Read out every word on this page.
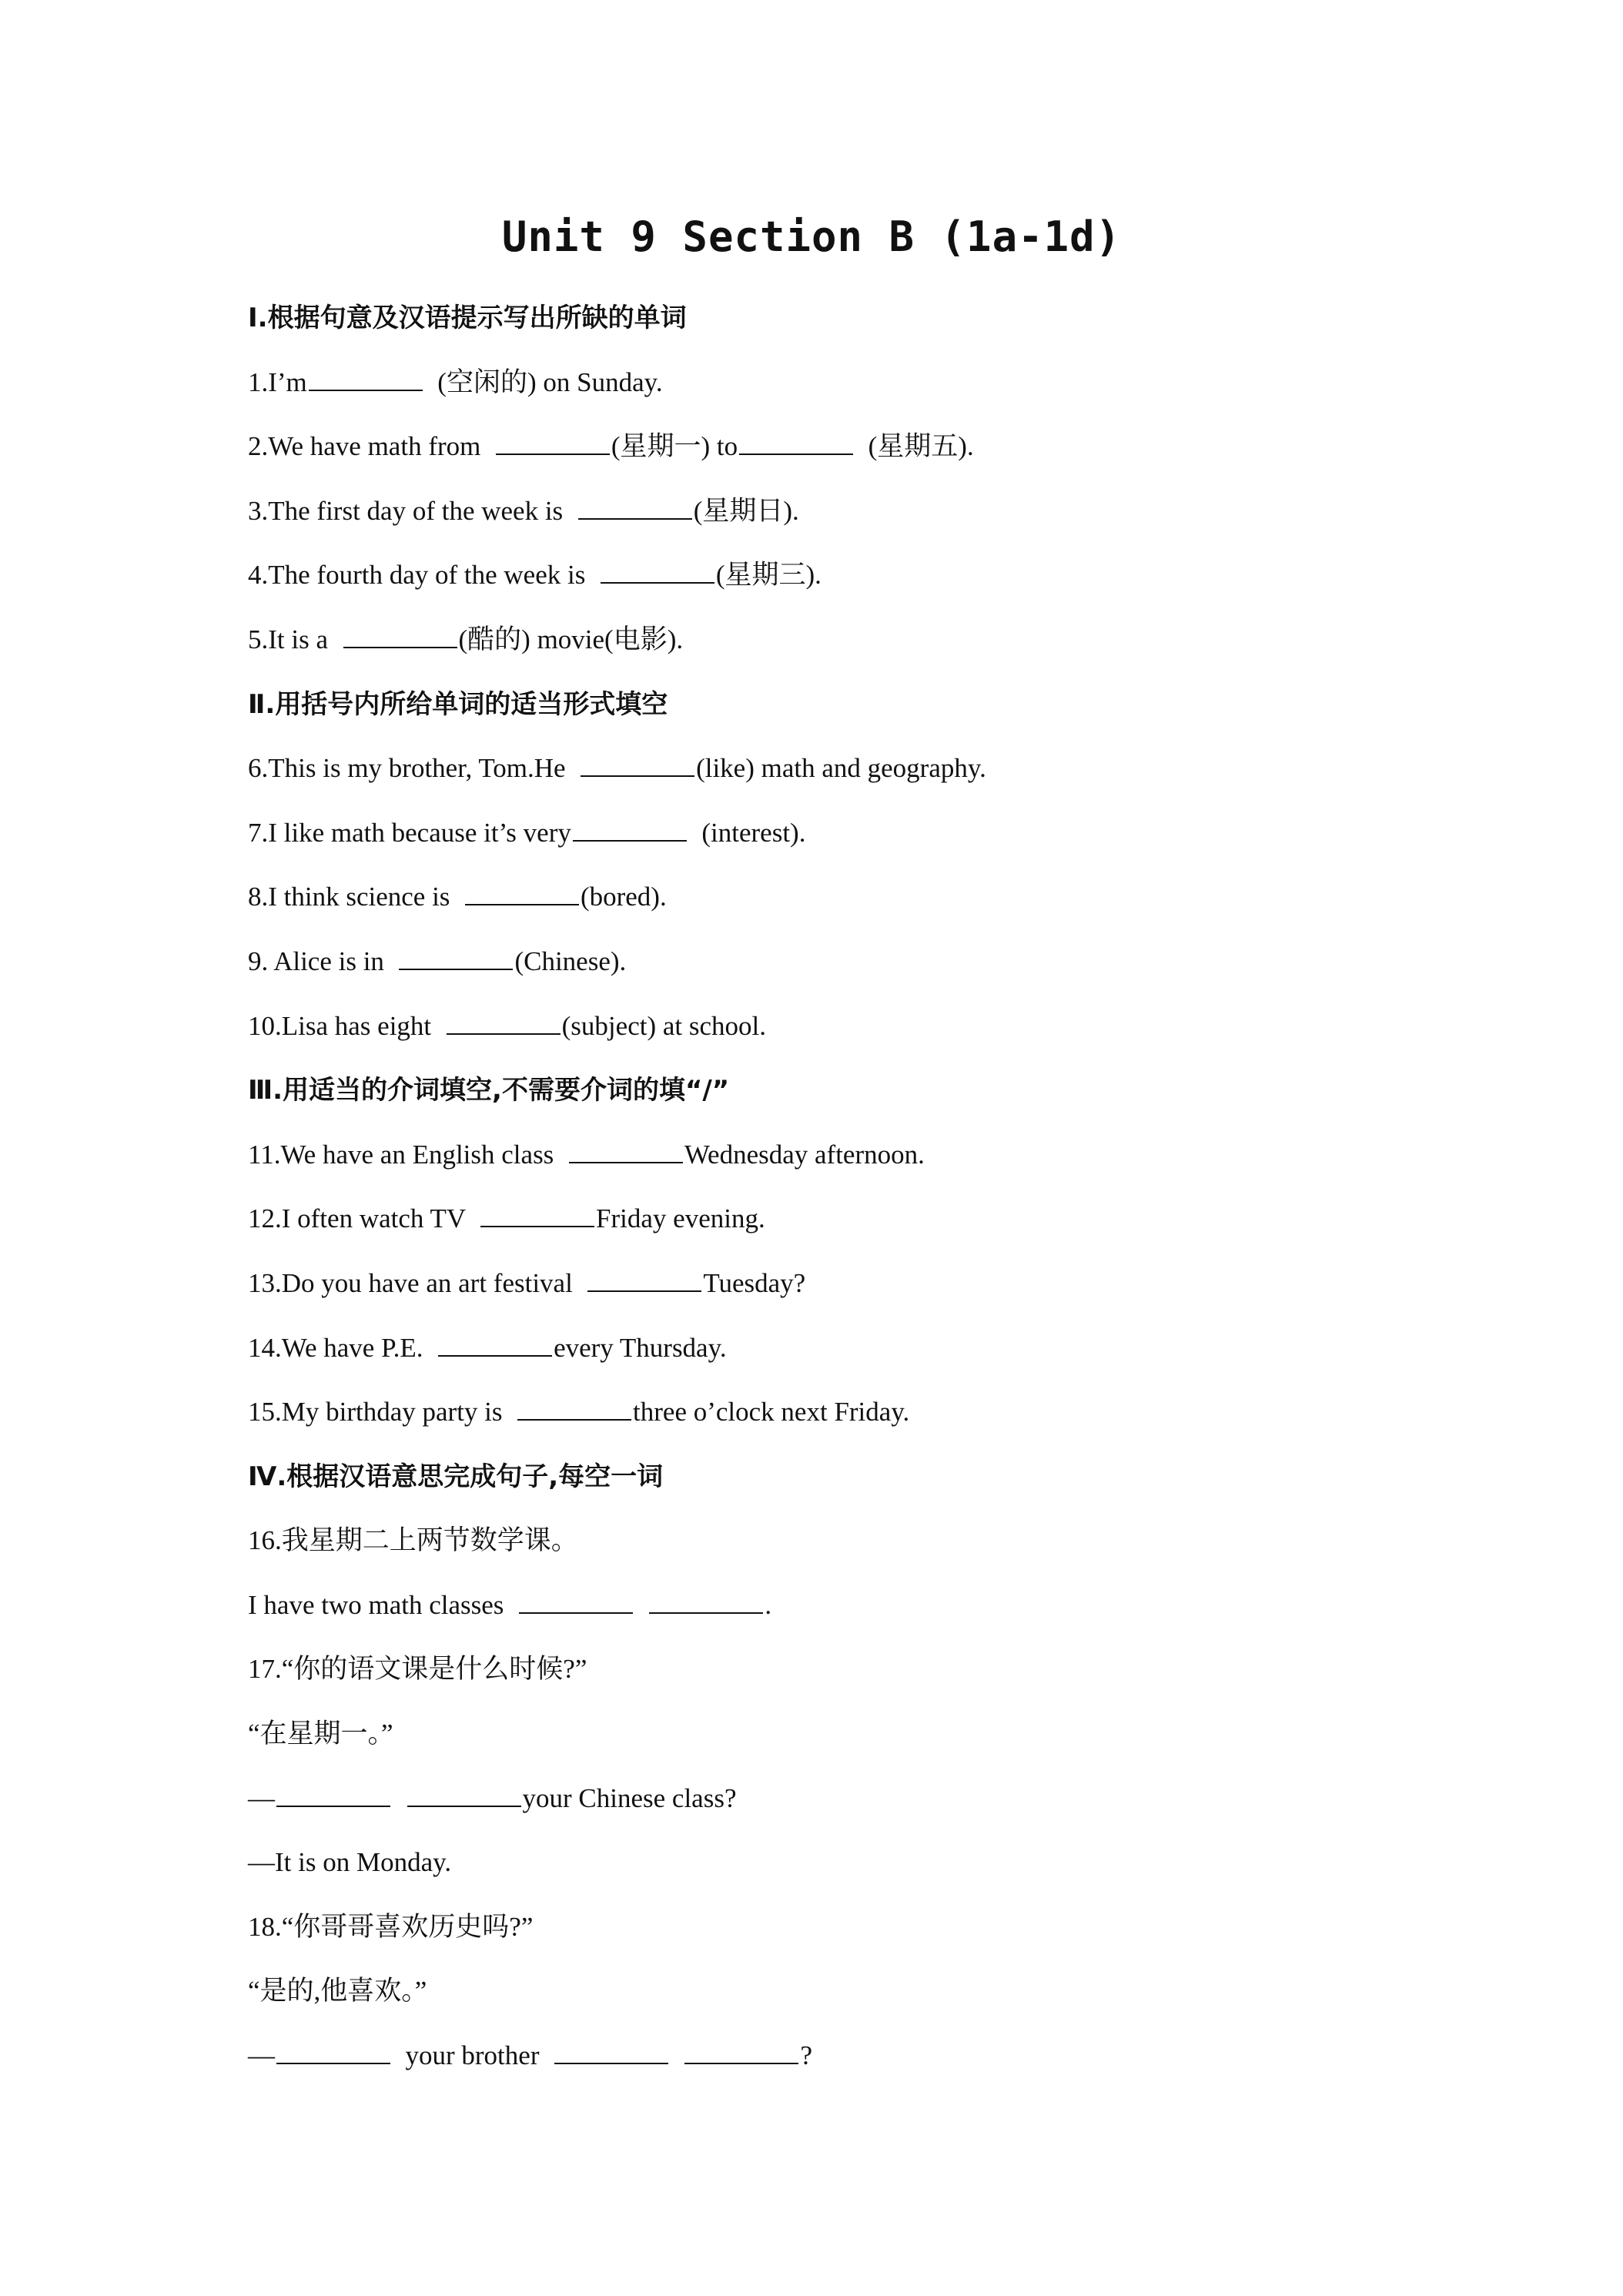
Unit 9 Section B (1a-1d)
Ⅰ.根据句意及汉语提示写出所缺的单词
1.I’m	(空闲的) on Sunday.
2.We have math from	(星期一) to	(星期五).
3.The first day of the week is	(星期日).
4.The fourth day of the week is	(星期三).
5.It is a	(酷的) movie(电影).
Ⅱ.用括号内所给单词的适当形式填空
6.This is my brother, Tom.He	(like) math and geography.
7.I like math because it’s very	(interest).
8.I think science is	(bored).
9. Alice is in	(Chinese).
10.Lisa has eight	(subject) at school.
Ⅲ.用适当的介词填空,不需要介词的填“/”
11.We have an English class	Wednesday afternoon.
12.I often watch TV	Friday evening.
13.Do you have an art festival	Tuesday?
14.We have P.E.	every Thursday.
15.My birthday party is	three o’clock next Friday.
Ⅳ.根据汉语意思完成句子,每空一词
16.我星期二上两节数学课。
I have two math classes	.
17.“你的语文课是什么时候?”
“在星期一。”
—	your Chinese class?
—It is on Monday.
18.“你哥哥喜欢历史吗?”
“是的,他喜欢。”
—	your brother	?
